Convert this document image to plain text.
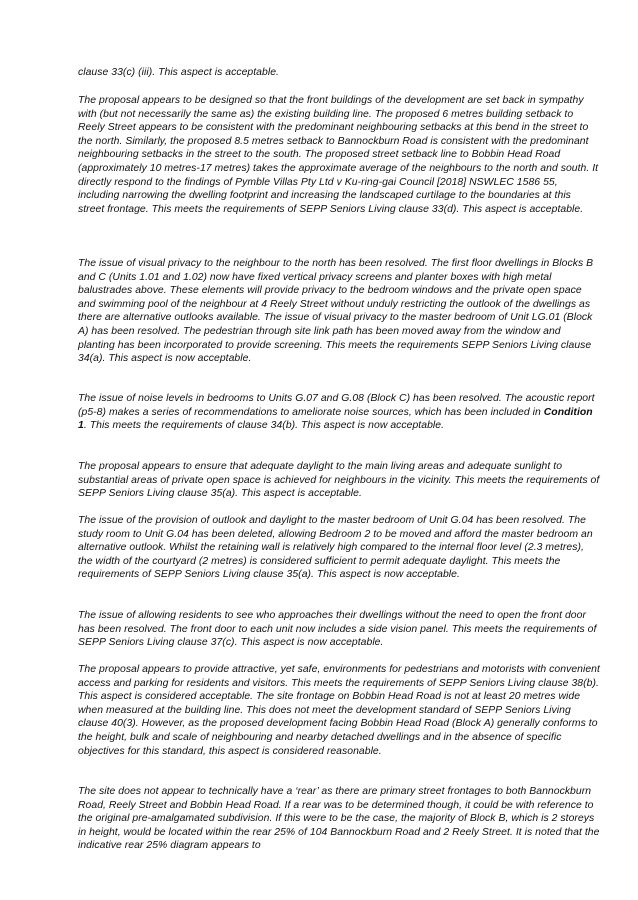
clause 33(c) (iii). This aspect is acceptable.

The proposal appears to be designed so that the front buildings of the development are set back in sympathy with (but not necessarily the same as) the existing building line. The proposed 6 metres building setback to Reely Street appears to be consistent with the predominant neighbouring setbacks at this bend in the street to the north. Similarly, the proposed 8.5 metres setback to Bannockburn Road is consistent with the predominant neighbouring setbacks in the street to the south. The proposed street setback line to Bobbin Head Road (approximately 10 metres-17 metres) takes the approximate average of the neighbours to the north and south. It directly respond to the findings of Pymble Villas Pty Ltd v Ku-ring-gai Council [2018] NSWLEC 1586 55, including narrowing the dwelling footprint and increasing the landscaped curtilage to the boundaries at this street frontage. This meets the requirements of SEPP Seniors Living clause 33(d). This aspect is acceptable.

The issue of visual privacy to the neighbour to the north has been resolved. The first floor dwellings in Blocks B and C (Units 1.01 and 1.02) now have fixed vertical privacy screens and planter boxes with high metal balustrades above. These elements will provide privacy to the bedroom windows and the private open space and swimming pool of the neighbour at 4 Reely Street without unduly restricting the outlook of the dwellings as there are alternative outlooks available. The issue of visual privacy to the master bedroom of Unit LG.01 (Block A) has been resolved. The pedestrian through site link path has been moved away from the window and planting has been incorporated to provide screening. This meets the requirements SEPP Seniors Living clause 34(a). This aspect is now acceptable.

The issue of noise levels in bedrooms to Units G.07 and G.08 (Block C) has been resolved. The acoustic report (p5-8) makes a series of recommendations to ameliorate noise sources, which has been included in Condition 1. This meets the requirements of clause 34(b). This aspect is now acceptable.

The proposal appears to ensure that adequate daylight to the main living areas and adequate sunlight to substantial areas of private open space is achieved for neighbours in the vicinity. This meets the requirements of SEPP Seniors Living clause 35(a). This aspect is acceptable.

The issue of the provision of outlook and daylight to the master bedroom of Unit G.04 has been resolved. The study room to Unit G.04 has been deleted, allowing Bedroom 2 to be moved and afford the master bedroom an alternative outlook. Whilst the retaining wall is relatively high compared to the internal floor level (2.3 metres), the width of the courtyard (2 metres) is considered sufficient to permit adequate daylight. This meets the requirements of SEPP Seniors Living clause 35(a). This aspect is now acceptable.

The issue of allowing residents to see who approaches their dwellings without the need to open the front door has been resolved. The front door to each unit now includes a side vision panel. This meets the requirements of SEPP Seniors Living clause 37(c). This aspect is now acceptable.

The proposal appears to provide attractive, yet safe, environments for pedestrians and motorists with convenient access and parking for residents and visitors. This meets the requirements of SEPP Seniors Living clause 38(b). This aspect is considered acceptable. The site frontage on Bobbin Head Road is not at least 20 metres wide when measured at the building line. This does not meet the development standard of SEPP Seniors Living clause 40(3). However, as the proposed development facing Bobbin Head Road (Block A) generally conforms to the height, bulk and scale of neighbouring and nearby detached dwellings and in the absence of specific objectives for this standard, this aspect is considered reasonable.

The site does not appear to technically have a ‘rear’ as there are primary street frontages to both Bannockburn Road, Reely Street and Bobbin Head Road. If a rear was to be determined though, it could be with reference to the original pre-amalgamated subdivision. If this were to be the case, the majority of Block B, which is 2 storeys in height, would be located within the rear 25% of 104 Bannockburn Road and 2 Reely Street. It is noted that the indicative rear 25% diagram appears to
